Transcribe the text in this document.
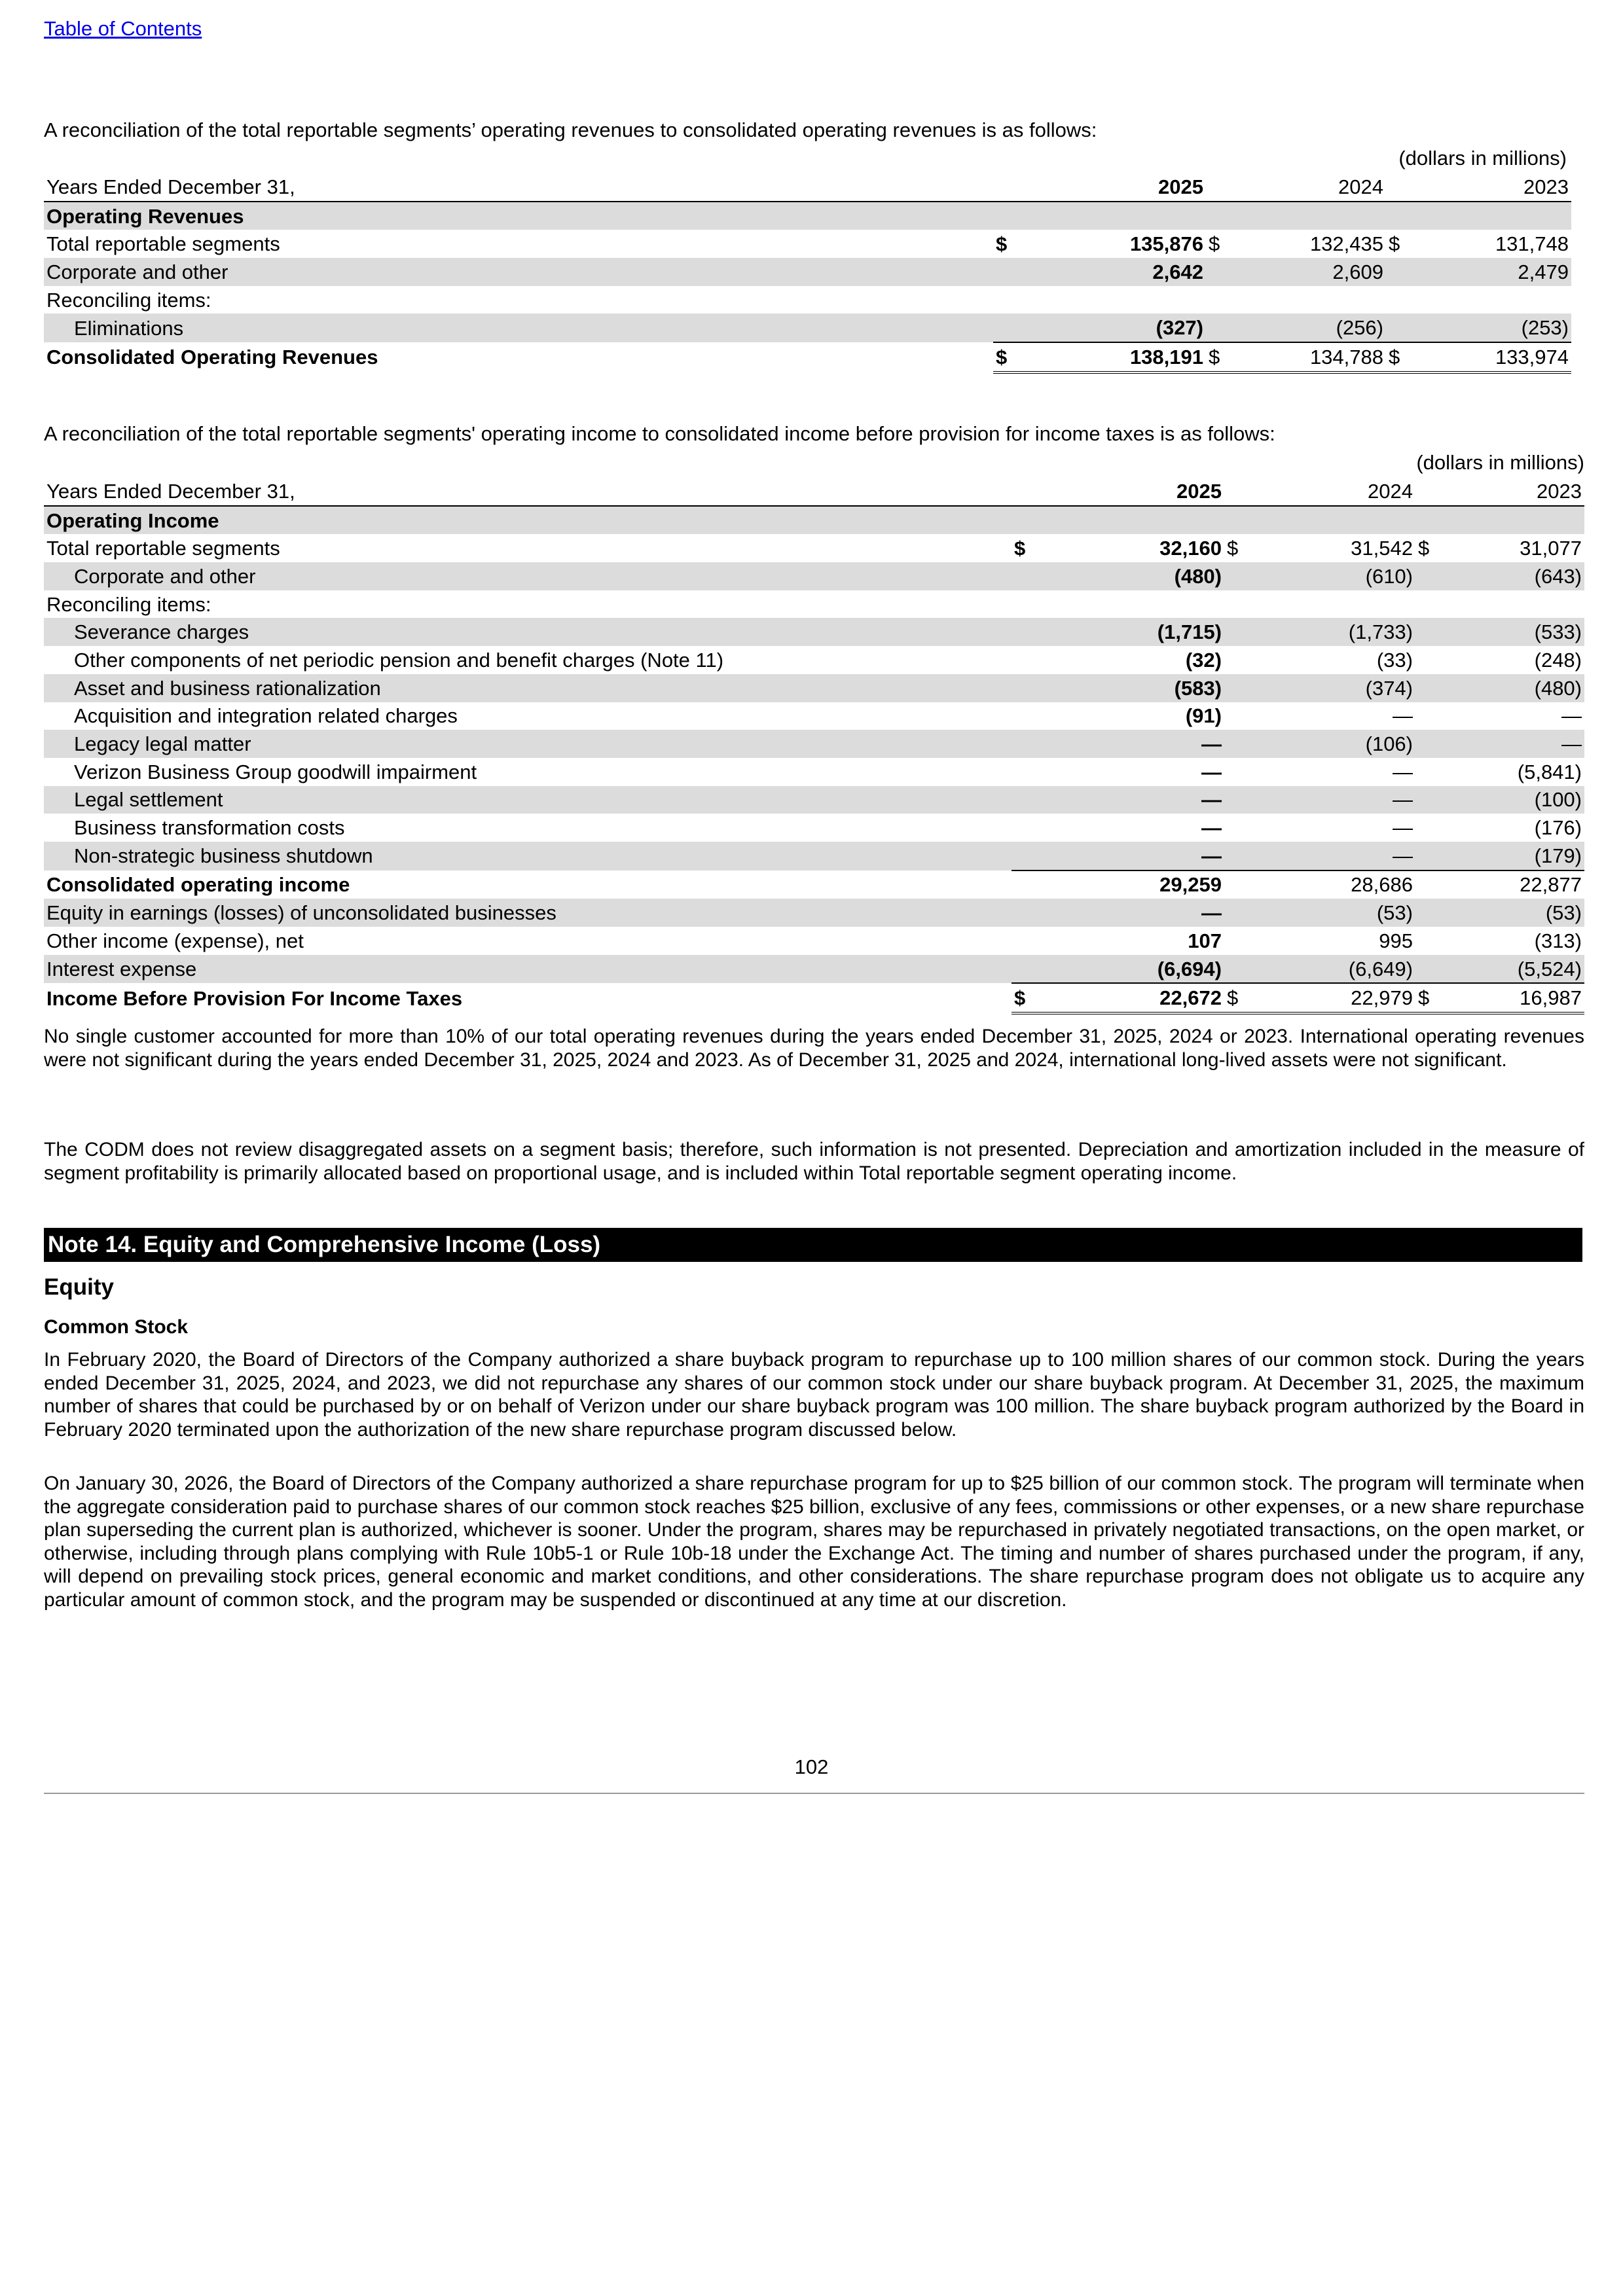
Table of Contents
A reconciliation of the total reportable segments’ operating revenues to consolidated operating revenues is as follows:
(dollars in millions)
Years Ended December 31,		2025		2024		2023
Operating Revenues						
Total reportable segments	$	135,876	$	132,435	$	131,748
Corporate and other		2,642		2,609		2,479
Reconciling items:						
Eliminations		(327)		(256)		(253)
Consolidated Operating Revenues	$	138,191	$	134,788	$	133,974
A reconciliation of the total reportable segments' operating income to consolidated income before provision for income taxes is as follows:
(dollars in millions)
Years Ended December 31,		2025		2024		2023
Operating Income						
Total reportable segments	$	32,160	$	31,542	$	31,077
Corporate and other		(480)		(610)		(643)
Reconciling items:						
Severance charges		(1,715)		(1,733)		(533)
Other components of net periodic pension and benefit charges (Note 11)		(32)		(33)		(248)
Asset and business rationalization		(583)		(374)		(480)
Acquisition and integration related charges		(91)		—		—
Legacy legal matter		—		(106)		—
Verizon Business Group goodwill impairment		—		—		(5,841)
Legal settlement		—		—		(100)
Business transformation costs		—		—		(176)
Non-strategic business shutdown		—		—		(179)
Consolidated operating income		29,259		28,686		22,877
Equity in earnings (losses) of unconsolidated businesses		—		(53)		(53)
Other income (expense), net		107		995		(313)
Interest expense		(6,694)		(6,649)		(5,524)
Income Before Provision For Income Taxes	$	22,672	$	22,979	$	16,987

No single customer accounted for more than 10% of our total operating revenues during the years ended December 31, 2025, 2024 or 2023. International operating revenues were not significant during the years ended December 31, 2025, 2024 and 2023. As of December 31, 2025 and 2024, international long-lived assets were not significant.

The CODM does not review disaggregated assets on a segment basis; therefore, such information is not presented. Depreciation and amortization included in the measure of segment profitability is primarily allocated based on proportional usage, and is included within Total reportable segment operating income.

Note 14. Equity and Comprehensive Income (Loss)
Equity
Common Stock

In February 2020, the Board of Directors of the Company authorized a share buyback program to repurchase up to 100 million shares of our common stock. During the years ended December 31, 2025, 2024, and 2023, we did not repurchase any shares of our common stock under our share buyback program. At December 31, 2025, the maximum number of shares that could be purchased by or on behalf of Verizon under our share buyback program was 100 million. The share buyback program authorized by the Board in February 2020 terminated upon the authorization of the new share repurchase program discussed below.

On January 30, 2026, the Board of Directors of the Company authorized a share repurchase program for up to $25 billion of our common stock. The program will terminate when the aggregate consideration paid to purchase shares of our common stock reaches $25 billion, exclusive of any fees, commissions or other expenses, or a new share repurchase plan superseding the current plan is authorized, whichever is sooner. Under the program, shares may be repurchased in privately negotiated transactions, on the open market, or otherwise, including through plans complying with Rule 10b5-1 or Rule 10b-18 under the Exchange Act. The timing and number of shares purchased under the program, if any, will depend on prevailing stock prices, general economic and market conditions, and other considerations. The share repurchase program does not obligate us to acquire any particular amount of common stock, and the program may be suspended or discontinued at any time at our discretion.

102
